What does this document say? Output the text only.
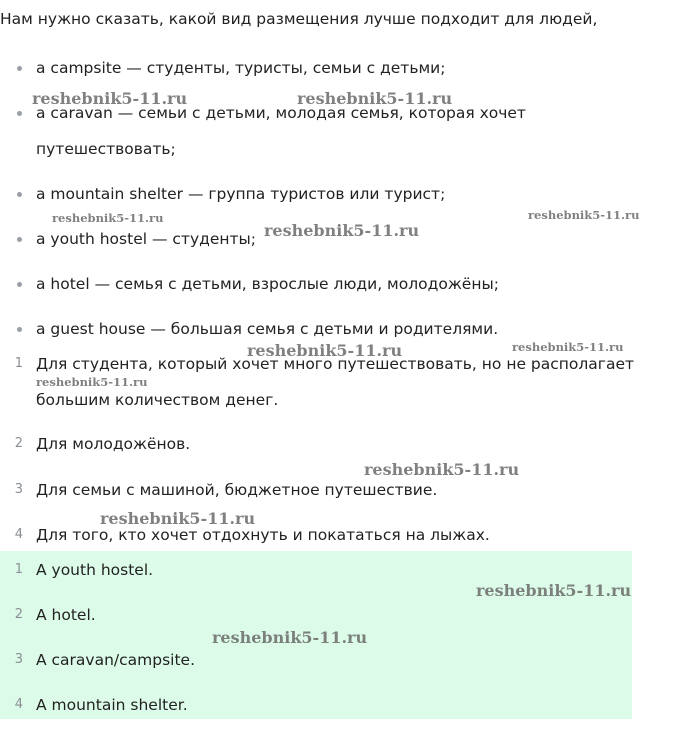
Нам нужно сказать, какой вид размещения лучше подходит для людей,
a campsite — студенты, туристы, семьи с детьми;
a caravan — семьи с детьми, молодая семья, которая хочет
путешествовать;
a mountain shelter — группа туристов или турист;
a youth hostel — студенты;
a hotel — семья с детьми, взрослые люди, молодожёны;
a guest house — большая семья с детьми и родителями.
1 Для студента, который хочет много путешествовать, но не располагает
большим количеством денег.
2 Для молодожёнов.
3 Для семьи с машиной, бюджетное путешествие.
4 Для того, кто хочет отдохнуть и покататься на лыжах.
1 A youth hostel.
2 A hotel.
3 A caravan/campsite.
4 A mountain shelter.
reshebnik5-11.ru	reshebnik5-11.ru
reshebnik5-11.ru
reshebnik5-11.ru
reshebnik5-11.ru
reshebnik5-11.ru	reshebnik5-11.ru
reshebnik5-11.ru
reshebnik5-11.ru
reshebnik5-11.ru
reshebnik5-11.ru
reshebnik5-11.ru
